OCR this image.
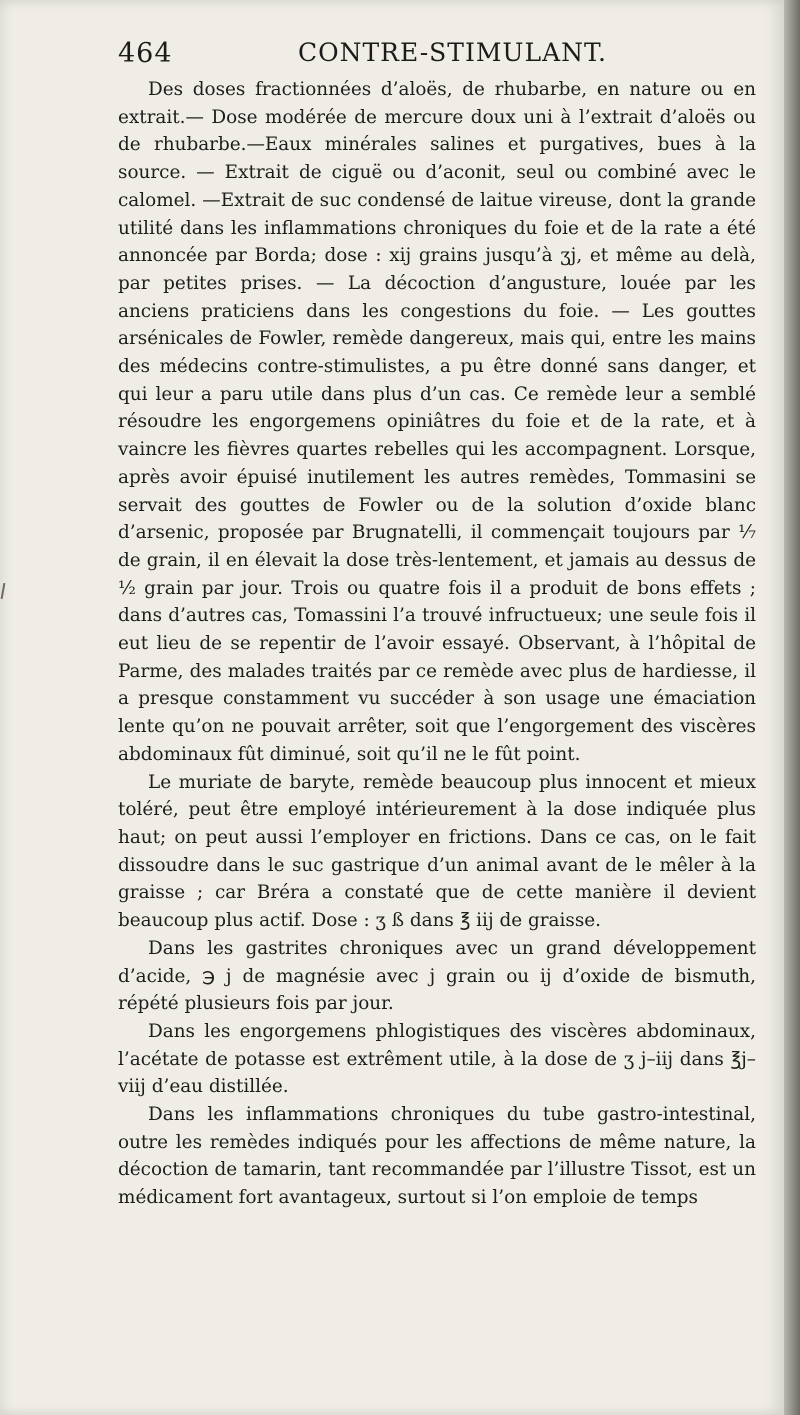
464	CONTRE-STIMULANT.

Des doses fractionnées d’aloës, de rhubarbe, en nature ou en extrait.— Dose modérée de mercure doux uni à l’extrait d’aloës ou de rhubarbe.—Eaux minérales salines et purgatives, bues à la source. — Extrait de ciguë ou d’aconit, seul ou combiné avec le calomel. —Extrait de suc condensé de laitue vireuse, dont la grande utilité dans les inflammations chroniques du foie et de la rate a été annoncée par Borda; dose : xij grains jusqu’à ʒj, et même au delà, par petites prises. — La décoction d’angusture, louée par les anciens praticiens dans les congestions du foie. — Les gouttes arsénicales de Fowler, remède dangereux, mais qui, entre les mains des médecins contre-stimulistes, a pu être donné sans danger, et qui leur a paru utile dans plus d’un cas. Ce remède leur a semblé résoudre les engorgemens opiniâtres du foie et de la rate, et à vaincre les fièvres quartes rebelles qui les accompagnent. Lorsque, après avoir épuisé inutilement les autres remèdes, Tommasini se servait des gouttes de Fowler ou de la solution d’oxide blanc d’arsenic, proposée par Brugnatelli, il commençait toujours par ¹⁄₇ de grain, il en élevait la dose très-lentement, et jamais au dessus de ¹⁄₂ grain par jour. Trois ou quatre fois il a produit de bons effets ; dans d’autres cas, Tomassini l’a trouvé infructueux; une seule fois il eut lieu de se repentir de l’avoir essayé. Observant, à l’hôpital de Parme, des malades traités par ce remède avec plus de hardiesse, il a presque constamment vu succéder à son usage une émaciation lente qu’on ne pouvait arrêter, soit que l’engorgement des viscères abdominaux fût diminué, soit qu’il ne le fût point.

Le muriate de baryte, remède beaucoup plus innocent et mieux toléré, peut être employé intérieurement à la dose indiquée plus haut; on peut aussi l’employer en frictions. Dans ce cas, on le fait dissoudre dans le suc gastrique d’un animal avant de le mêler à la graisse ; car Bréra a constaté que de cette manière il devient beaucoup plus actif. Dose : ʒ ß dans ℥ iij de graisse.

Dans les gastrites chroniques avec un grand développement d’acide, ℈ j de magnésie avec j grain ou ij d’oxide de bismuth, répété plusieurs fois par jour.

Dans les engorgemens phlogistiques des viscères abdominaux, l’acétate de potasse est extrêment utile, à la dose de ʒ j–iij dans ℥j–viij d’eau distillée.

Dans les inflammations chroniques du tube gastro-intestinal, outre les remèdes indiqués pour les affections de même nature, la décoction de tamarin, tant recommandée par l’illustre Tissot, est un médicament fort avantageux, surtout si l’on emploie de temps
